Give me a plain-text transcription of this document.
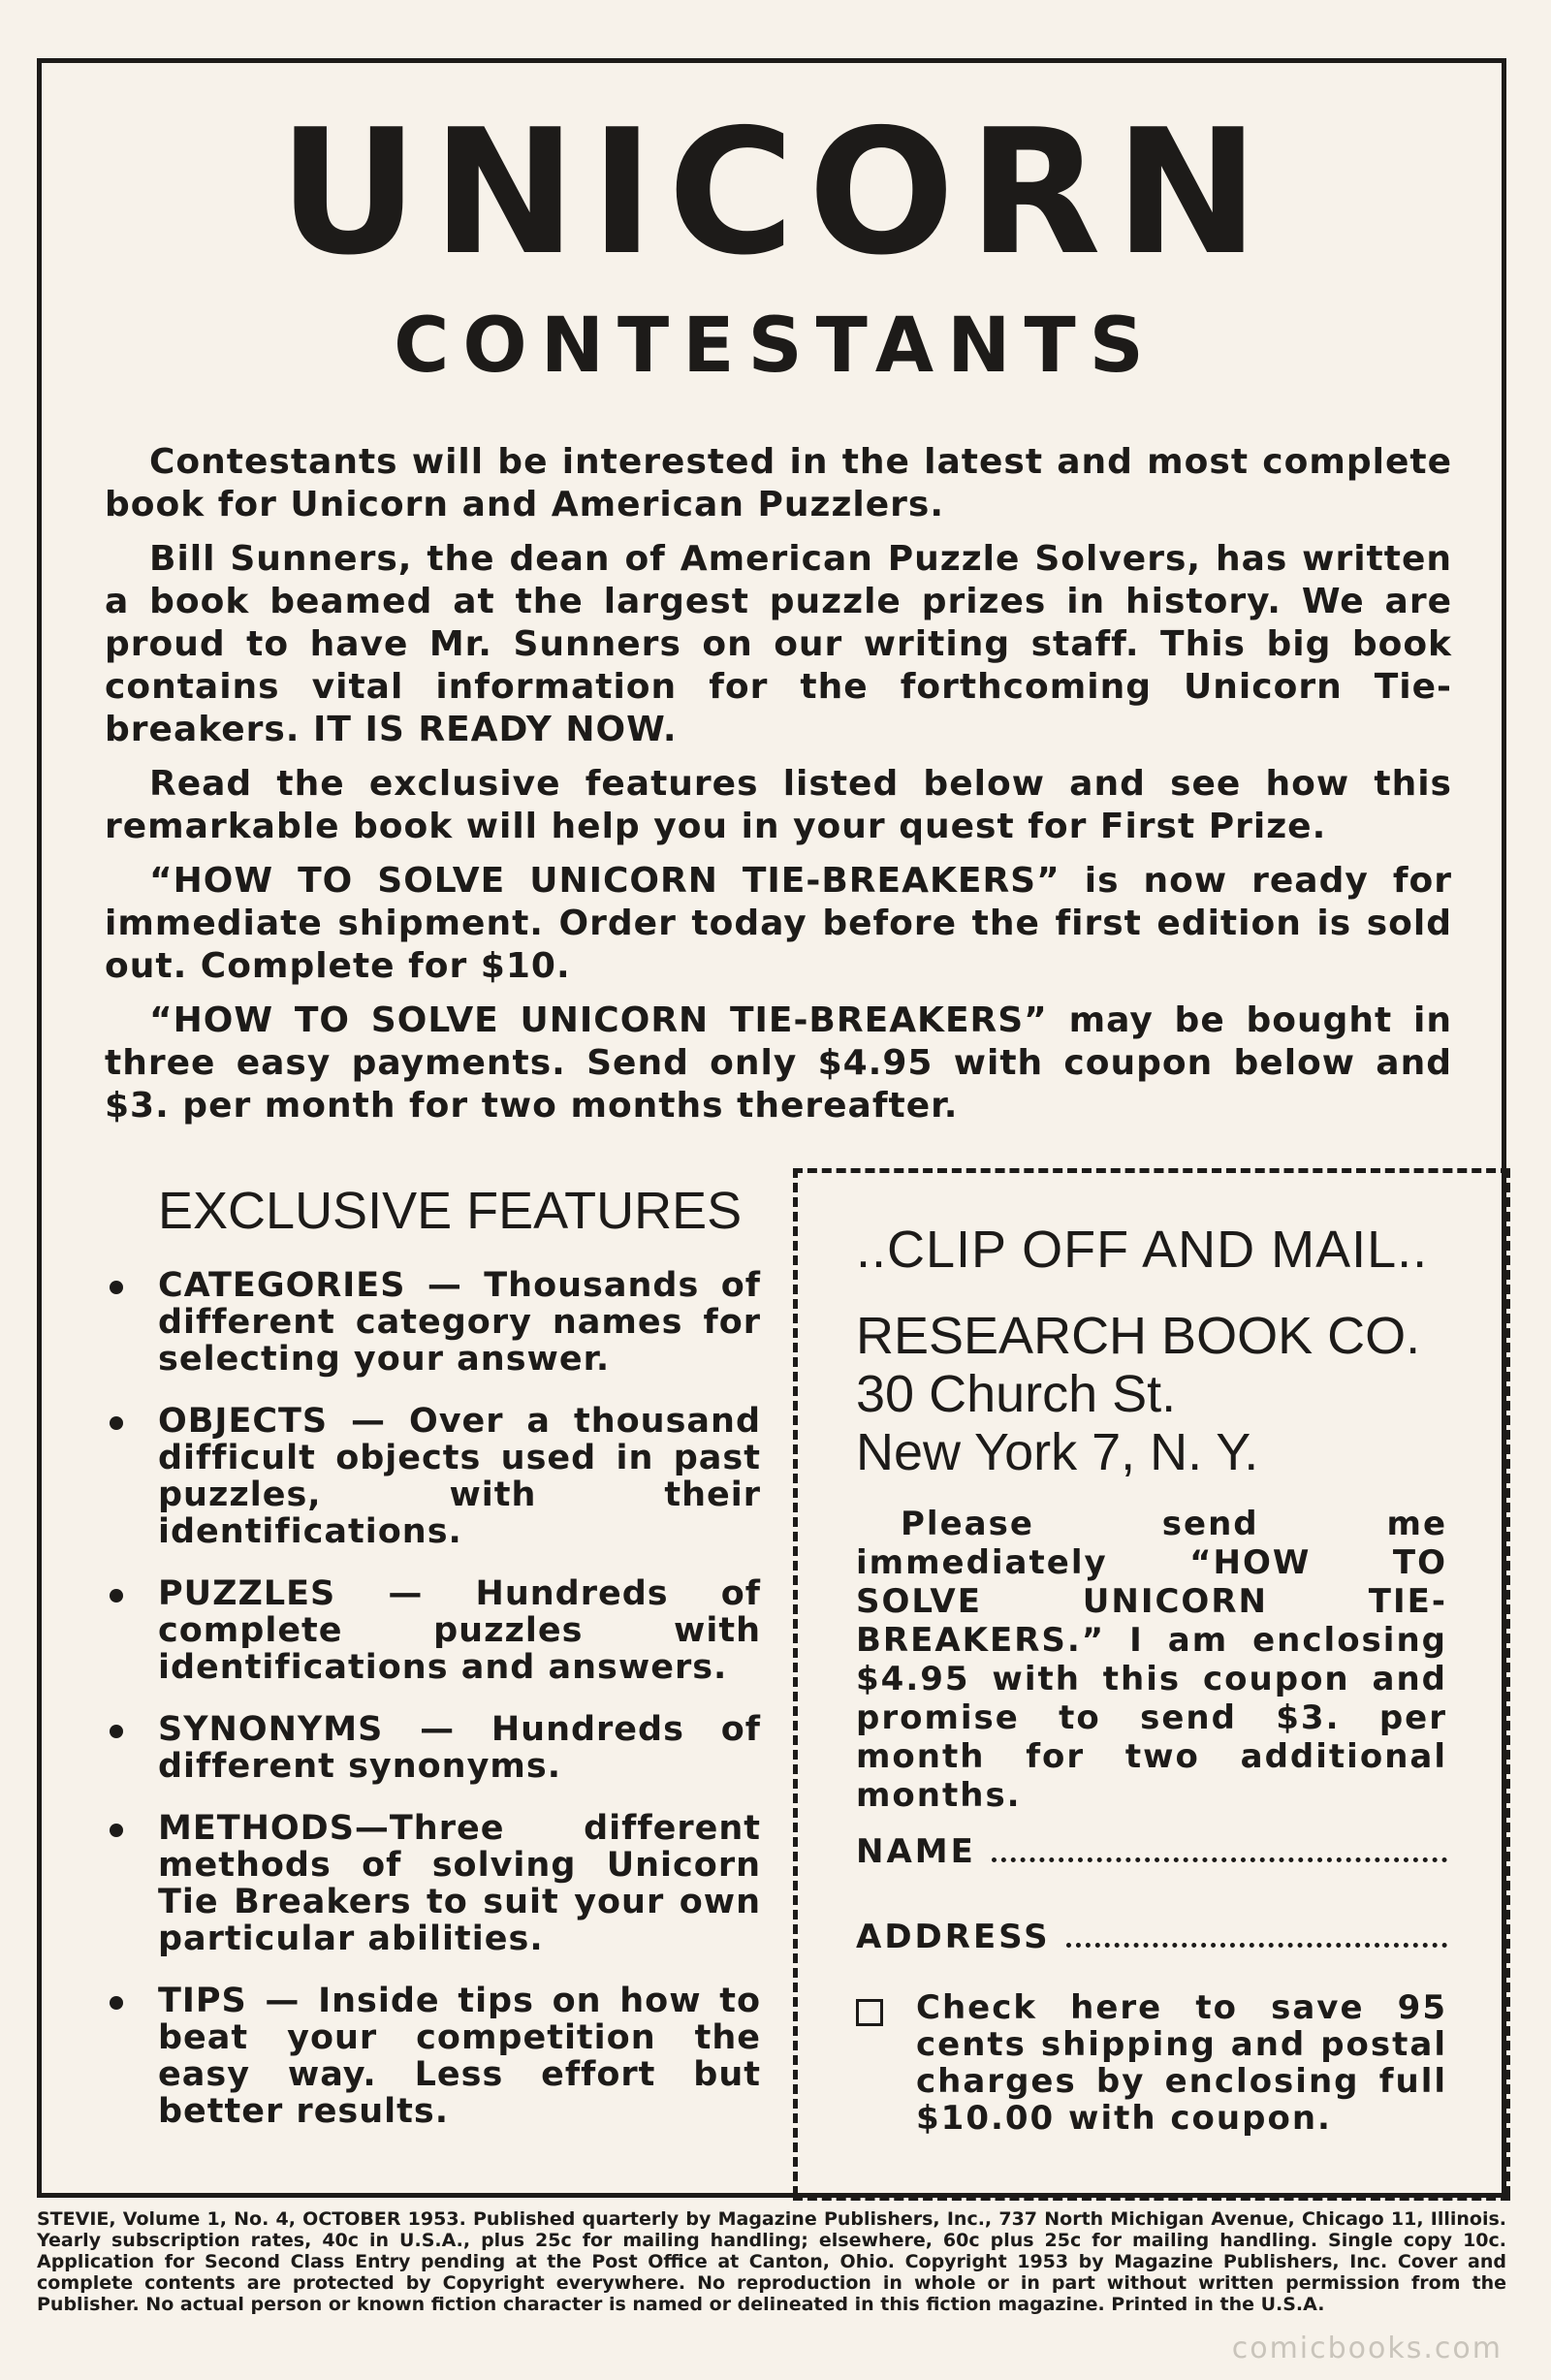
UNICORN
CONTESTANTS

Contestants will be interested in the latest and most complete book for Unicorn and American Puzzlers.

Bill Sunners, the dean of American Puzzle Solvers, has written a book beamed at the largest puzzle prizes in history. We are proud to have Mr. Sunners on our writing staff. This big book contains vital information for the forthcoming Unicorn Tie-breakers. IT IS READY NOW.

Read the exclusive features listed below and see how this remarkable book will help you in your quest for First Prize.

“HOW TO SOLVE UNICORN TIE-BREAKERS” is now ready for immediate shipment. Order today before the first edition is sold out. Complete for $10.

“HOW TO SOLVE UNICORN TIE-BREAKERS” may be bought in three easy payments. Send only $4.95 with coupon below and $3. per month for two months thereafter.

EXCLUSIVE FEATURES
CATEGORIES — Thousands of different category names for selecting your answer.
OBJECTS — Over a thousand difficult objects used in past puzzles, with their identifications.
PUZZLES — Hundreds of complete puzzles with identifications and answers.
SYNONYMS — Hundreds of different synonyms.
METHODS—Three different methods of solving Unicorn Tie Breakers to suit your own particular abilities.
TIPS — Inside tips on how to beat your competition the easy way. Less effort but better results.
..CLIP OFF AND MAIL..
RESEARCH BOOK CO.
30 Church St.
New York 7, N. Y.

Please send me immediately “HOW TO SOLVE UNICORN TIE-BREAKERS.” I am enclosing $4.95 with this coupon and promise to send $3. per month for two additional months.

NAME
ADDRESS
Check here to save 95 cents shipping and postal charges by enclosing full $10.00 with coupon.
STEVIE, Volume 1, No. 4, OCTOBER 1953. Published quarterly by Magazine Publishers, Inc., 737 North Michigan Avenue, Chicago 11, Illinois. Yearly subscription rates, 40c in U.S.A., plus 25c for mailing handling; elsewhere, 60c plus 25c for mailing handling. Single copy 10c. Application for Second Class Entry pending at the Post Office at Canton, Ohio. Copyright 1953 by Magazine Publishers, Inc. Cover and complete contents are protected by Copyright everywhere. No reproduction in whole or in part without written permission from the Publisher. No actual person or known fiction character is named or delineated in this fiction magazine. Printed in the U.S.A.
comicbooks.com
